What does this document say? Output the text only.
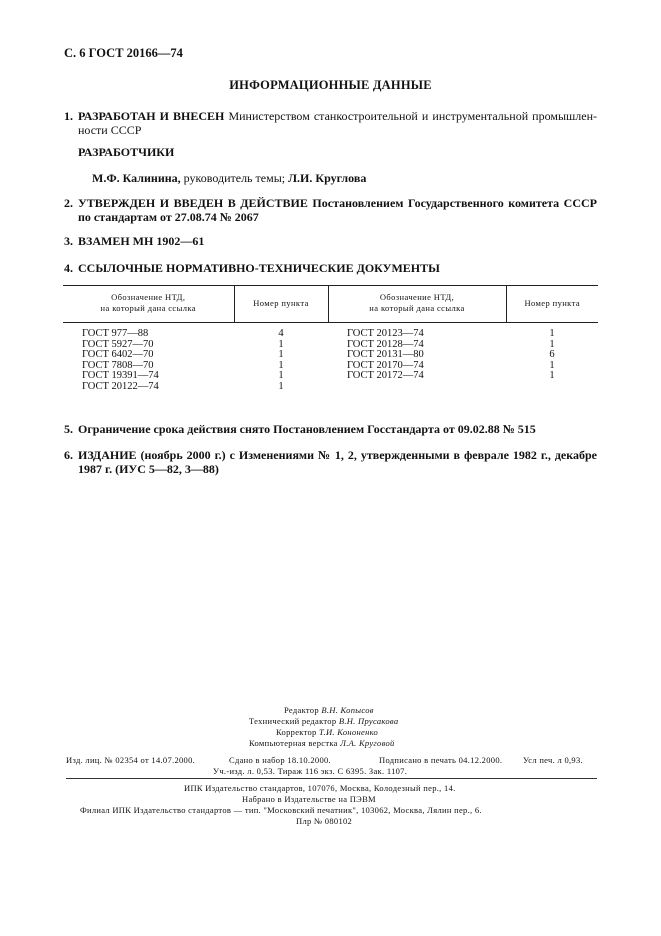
С. 6 ГОСТ 20166—74
ИНФОРМАЦИОННЫЕ ДАННЫЕ
1. РАЗРАБОТАН И ВНЕСЕН Министерством станкостроительной и инструментальной промышлен-ности СССР
РАЗРАБОТЧИКИ
М.Ф. Калинина, руководитель темы; Л.И. Круглова
2. УТВЕРЖДЕН И ВВЕДЕН В ДЕЙСТВИЕ Постановлением Государственного комитета СССР по стандартам от 27.08.74 № 2067
3. ВЗАМЕН МН 1902—61
4. ССЫЛОЧНЫЕ НОРМАТИВНО-ТЕХНИЧЕСКИЕ ДОКУМЕНТЫ
Обозначение НТД,
на который дана ссылка	Номер пункта	Обозначение НТД,
на который дана ссылка	Номер пункта
ГОСТ 977—88	4	ГОСТ 20123—74	1
ГОСТ 5927—70	1	ГОСТ 20128—74	1
ГОСТ 6402—70	1	ГОСТ 20131—80	6
ГОСТ 7808—70	1	ГОСТ 20170—74	1
ГОСТ 19391—74	1	ГОСТ 20172—74	1
ГОСТ 20122—74	1		
5. Ограничение срока действия снято Постановлением Госстандарта от 09.02.88 № 515
6. ИЗДАНИЕ (ноябрь 2000 г.) с Изменениями № 1, 2, утвержденными в феврале 1982 г., декабре 1987 г. (ИУС 5—82, 3—88)
Редактор В.Н. Копысов
Технический редактор В.Н. Прусакова
Корректор Т.И. Кононенко
Компьютерная верстка Л.А. Круговой
Изд. лиц. № 02354 от 14.07.2000.	Сдано в набор 18.10.2000.	Подписано в печать 04.12.2000. Усл печ. л 0,93.
Уч.-изд. л. 0,53. Тираж 116 экз. С 6395. Зак. 1107.
ИПК Издательство стандартов, 107076, Москва, Колодезный пер., 14.
Набрано в Издательстве на ПЭВМ
Филиал ИПК Издательство стандартов — тип. "Московский печатник", 103062, Москва, Лялин пер., 6.
Плр № 080102
